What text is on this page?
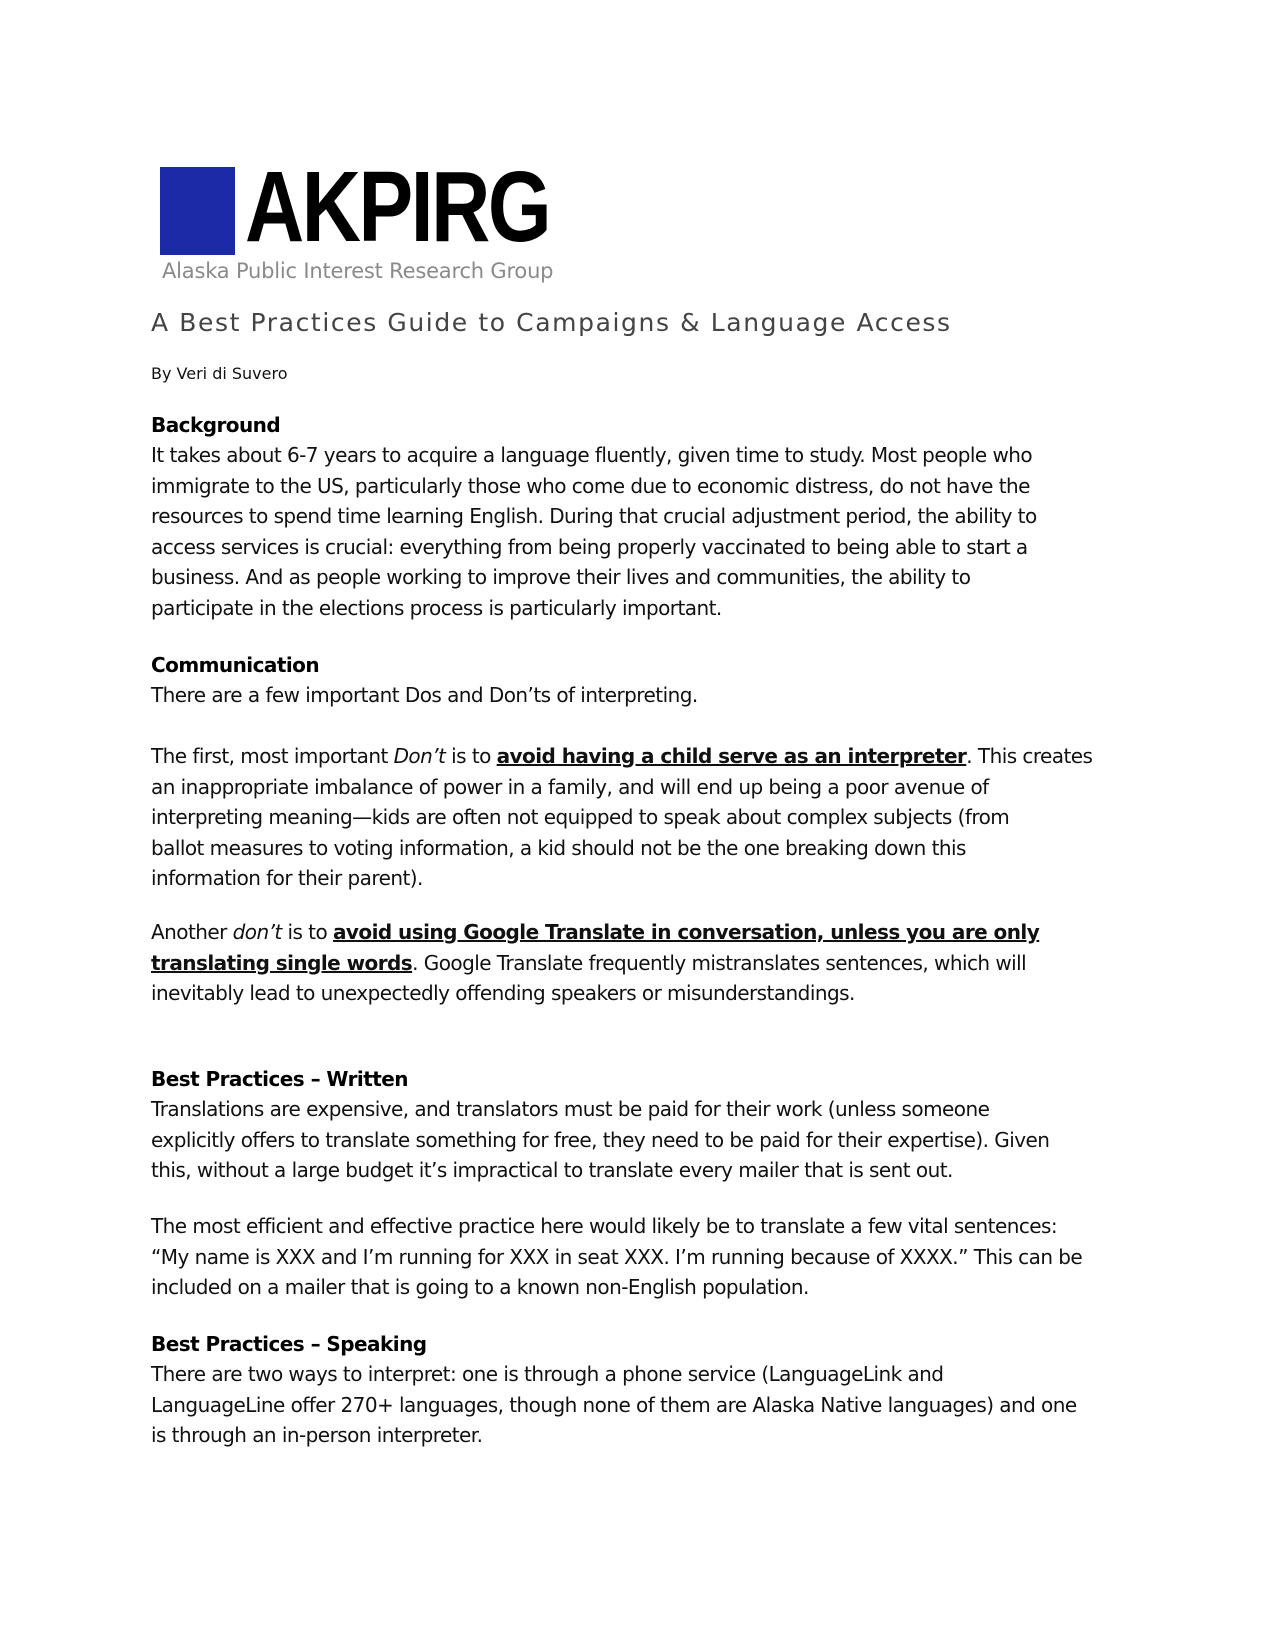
AKPIRG
Alaska Public Interest Research Group
A Best Practices Guide to Campaigns & Language Access
By Veri di Suvero
Background
It takes about 6-7 years to acquire a language fluently, given time to study. Most people who
immigrate to the US, particularly those who come due to economic distress, do not have the
resources to spend time learning English. During that crucial adjustment period, the ability to
access services is crucial: everything from being properly vaccinated to being able to start a
business. And as people working to improve their lives and communities, the ability to
participate in the elections process is particularly important.
Communication
There are a few important Dos and Don’ts of interpreting.
The first, most important Don’t is to avoid having a child serve as an interpreter. This creates
an inappropriate imbalance of power in a family, and will end up being a poor avenue of
interpreting meaning—kids are often not equipped to speak about complex subjects (from
ballot measures to voting information, a kid should not be the one breaking down this
information for their parent).
Another don’t is to avoid using Google Translate in conversation, unless you are only
translating single words. Google Translate frequently mistranslates sentences, which will
inevitably lead to unexpectedly offending speakers or misunderstandings.
Best Practices – Written
Translations are expensive, and translators must be paid for their work (unless someone
explicitly offers to translate something for free, they need to be paid for their expertise). Given
this, without a large budget it’s impractical to translate every mailer that is sent out.
The most efficient and effective practice here would likely be to translate a few vital sentences:
“My name is XXX and I’m running for XXX in seat XXX. I’m running because of XXXX.” This can be
included on a mailer that is going to a known non-English population.
Best Practices – Speaking
There are two ways to interpret: one is through a phone service (LanguageLink and
LanguageLine offer 270+ languages, though none of them are Alaska Native languages) and one
is through an in-person interpreter.
